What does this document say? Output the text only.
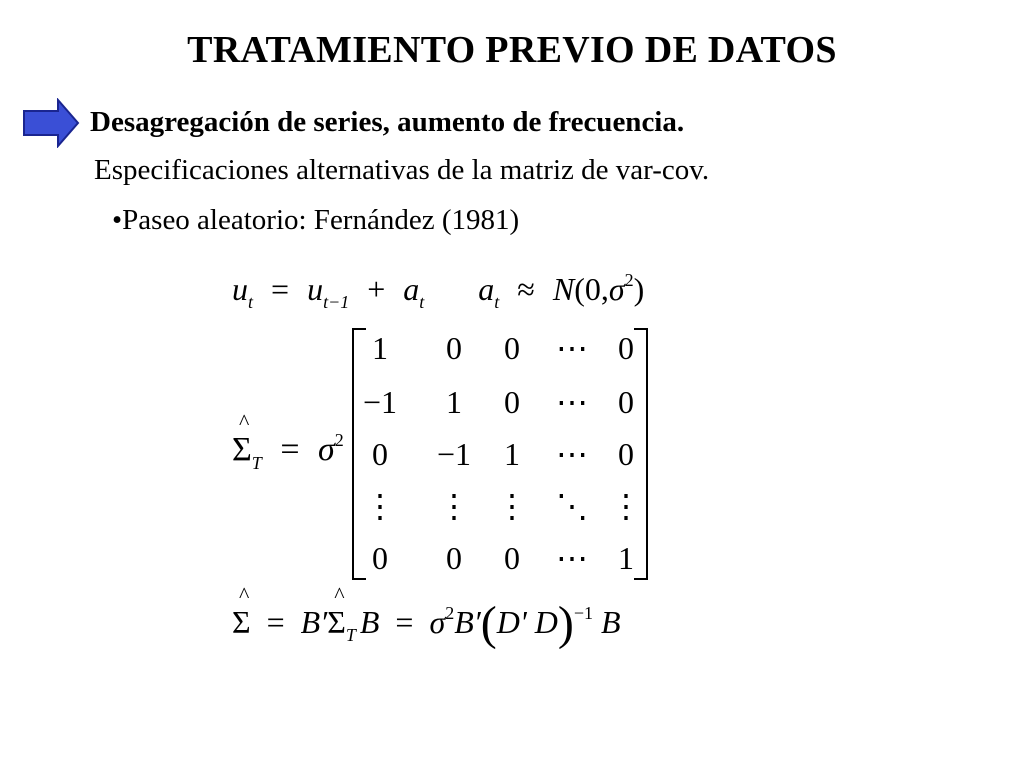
TRATAMIENTO PREVIO DE DATOS
Desagregación de series, aumento de frecuencia.
Especificaciones alternativas de la matriz de var-cov.
•Paseo aleatorio: Fernández (1981)
$u_t = u_{t-1} + a_t$ $a_t \approx N(0,\sigma^2)$
^ $\Sigma_T = \sigma^2$
1	0	0	⋯ 0
−1	1	0	⋯ 0
0	−1	1	⋯ 0
⋮	⋮ ⋮ ⋱ ⋮
0	0	0	⋯ 1
^ Σ = B′^ $\Sigma_T$ $B = \sigma^2B'(D'$ D)$^{-1}$ B
